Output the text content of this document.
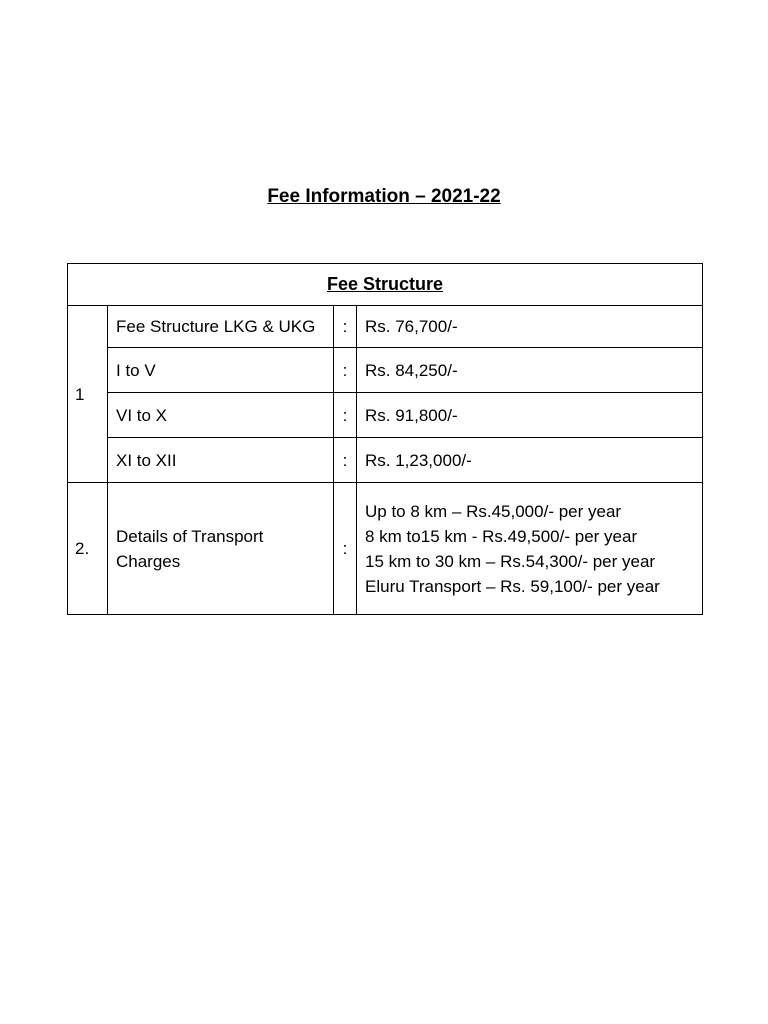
Fee Information – 2021-22
Fee Structure			
1	Fee Structure LKG & UKG	:	Rs. 76,700/-
	I to V	:	Rs. 84,250/-
	VI to X	:	Rs. 91,800/-
	XI to XII	:	Rs. 1,23,000/-
2.	Details of Transport Charges	:	Up to 8 km – Rs.45,000/- per year
8 km to15 km - Rs.49,500/- per year
15 km to 30 km – Rs.54,300/- per year
Eluru Transport – Rs. 59,100/- per year
